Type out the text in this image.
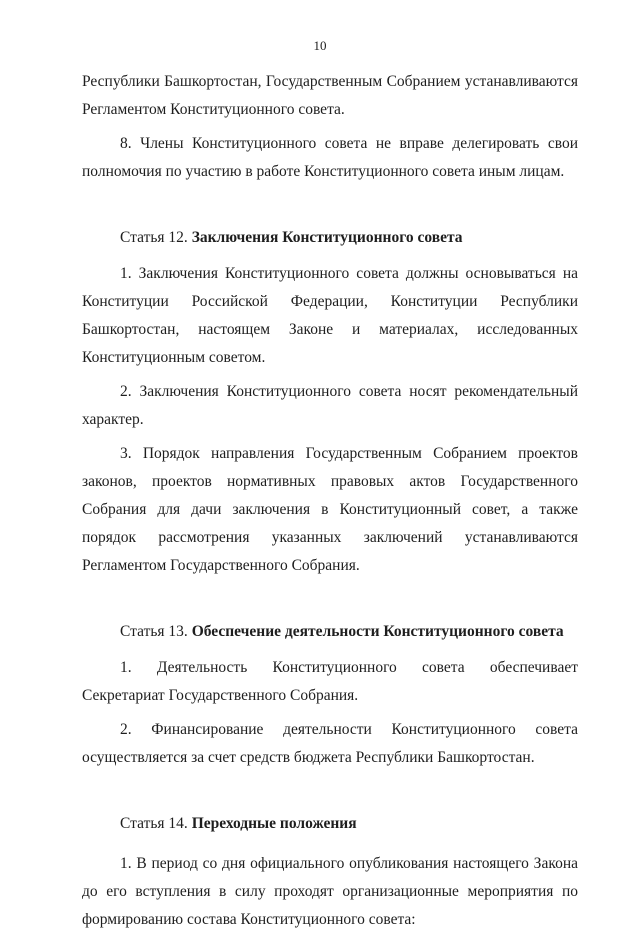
10

Республики Башкортостан, Государственным Собранием устанавливаются Регламентом Конституционного совета.

8. Члены Конституционного совета не вправе делегировать свои полномочия по участию в работе Конституционного совета иным лицам.

Статья 12. Заключения Конституционного совета

1. Заключения Конституционного совета должны основываться на Конституции Российской Федерации, Конституции Республики Башкортостан, настоящем Законе и материалах, исследованных Конституционным советом.

2. Заключения Конституционного совета носят рекомендательный характер.

3. Порядок направления Государственным Собранием проектов законов, проектов нормативных правовых актов Государственного Собрания для дачи заключения в Конституционный совет, а также порядок рассмотрения указанных заключений устанавливаются Регламентом Государственного Собрания.

Статья 13. Обеспечение деятельности Конституционного совета

1. Деятельность Конституционного совета обеспечивает Секретариат Государственного Собрания.

2. Финансирование деятельности Конституционного совета осуществляется за счет средств бюджета Республики Башкортостан.

Статья 14. Переходные положения

1. В период со дня официального опубликования настоящего Закона до его вступления в силу проходят организационные мероприятия по формированию состава Конституционного совета:
